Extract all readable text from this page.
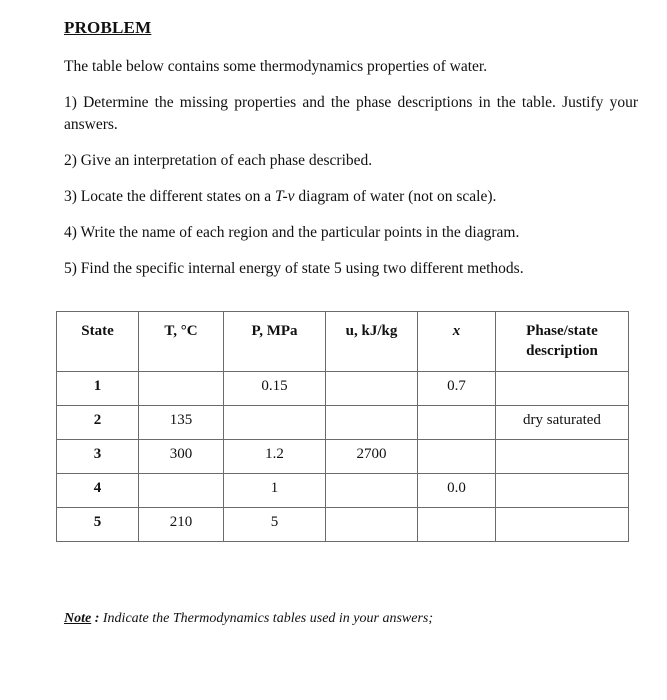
PROBLEM
The table below contains some thermodynamics properties of water.
1) Determine the missing properties and the phase descriptions in the table. Justify your answers.
2) Give an interpretation of each phase described.
3) Locate the different states on a T-v diagram of water (not on scale).
4) Write the name of each region and the particular points in the diagram.
5) Find the specific internal energy of state 5 using two different methods.
State	T, °C	P, MPa	u, kJ/kg	x	Phase/state description
1		0.15		0.7	
2	135				dry saturated
3	300	1.2	2700		
4		1		0.0	
5	210	5			
Note : Indicate the Thermodynamics tables used in your answers;
